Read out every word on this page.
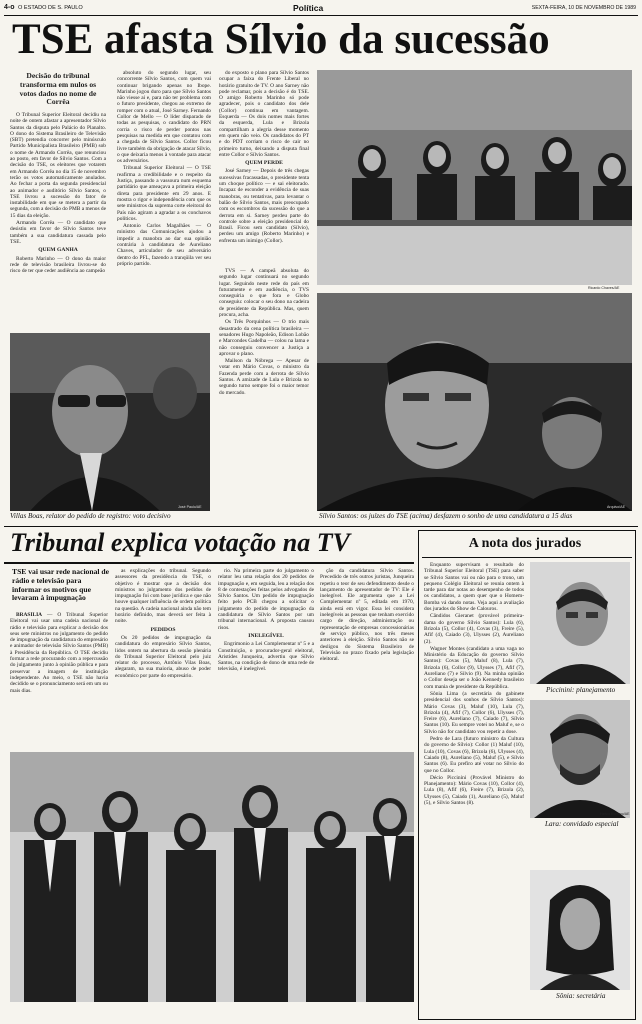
4-o O ESTADO DE S. PAULO	Política	SEXTA-FEIRA, 10 DE NOVEMBRO DE 1989
TSE afasta Sílvio da sucessão
Decisão do tribunal transforma em nulos os votos dados no nome de Corrêa

O Tribunal Superior Eleitoral decidiu na noite de ontem afastar a apresentador Sílvio Santos da disputa pelo Palácio do Planalto. O dono do Sistema Brasileiro de Televisão (SBT) pretendia concorrer pelo minúsculo Partido Municipalista Brasileiro (PMB) sob o nome de Armando Corrêa, que renunciou ao posto, em favor de Sílvio Santos. Com a decisão do TSE, os eleitores que votarem em Armando Corrêa no dia 15 de novembro terão os votos automaticamente anulados. Ao fechar a porta da segunda presidencial ao animador e auditório Sílvio Santos, o TSE livrou a sucessão do fator de instabilidade em que se metera a partir da segunda, com a decisão do PMB a menos de 15 dias da eleição.

Armando Corrêa — O candidato que desistiu em favor de Sílvio Santos teve também a sua candidatura cassada pelo TSE.

QUEM GANHA

Roberto Marinho — O dono da maior rede de televisão brasileira livrou-se do risco de ter que ceder audiência ao campeão

absoluto do segundo lugar, seu concorrente Sílvio Santos, com quem vai continuar brigando apenas no Ibope. Marinho jogou duro para que Sílvio Santos não viesse ai e, para não ter problema com o futuro presidente, chegou ao extremo de romper com o atual, José Sarney. Fernando Collor de Mello — O líder disparado de todas as pesquisas, o candidato do PRN corria o risco de perder pontos nas pesquisas na medida em que contatou com a chegada de Sílvio Santos. Collor ficou livre também da obrigação de atacar Sílvio, o que deixaria menos à vontade para atacar os adversários.

Tribunal Superior Eleitoral — O TSE reafirma a credibilidade e o respeito da Justiça, passando a vassoura num esquema partidário que ameaçava a primeira eleição direta para presidente em 29 anos. E mostra o rigor e independência com que os sete ministros da suprema corte eleitoral do País não agiram a agradar a os conchavos políticos.

Antonio Carlos Magalhães — O ministro das Comunicações ajudou a impedir a manobra ao dar sua opinião contrária à candidatura de Aureliano Chaves, articulador de seu adversário dentro do PFL, fazendo a tranqüila ver seu próprio partido.

do exposto o plano para Sílvio Santos ocupar a faixa do Frente Liberal no horário gratuito de TV. O ano Sarney não pode reclamar, pois a decisão é do TSE. O amigo Roberto Marinho só pode agradecer, pois o candidato dos dele (Collor) continua em vantagem. Esquerda — Os dois nomes mais fortes da esquerda, Lula e Brizola compartilham a alegria desse momento em quem não veio. Os candidatos do PT e do PDT corriam o risco de cair no primeiro turno, deixando a disputa final entre Collor e Sílvio Santos.

QUEM PERDE

José Sarney — Depois de três chegas sucessivas fracassadas, o presidente tenta um choque político — e sai eleitorado. Incapaz de esconder a evidência de suas manobras, ou tentativas, para levantar o balão de Sílvio Santos, mais preocupado com os escombros da sucessão do que a derrota em si. Sarney perdeu parte do controle sobre a eleição presidencial do Brasil. Ficou sem candidato (Sílvio), perdeu um amigo (Roberto Marinho) e enfrenta um inimigo (Collor).

TVS — A campeã absoluta do segundo lugar continuará no segundo lugar. Seguindo neste rede do país em futuramente e em audiência, o TVS conseguiria o que fora e Globo conseguiu: colocar o seu dono na cadeira de presidente da República. Mas, quem procura, acha.

Os Três Porquinhos — O trio mais desastrado da cena política brasileira — senadores Hugo Napoleão, Edison Lobão e Marcondes Gadelha — colou na lama e não conseguiu convencer a Justiça a aprovar o plano.

Mailson da Nóbrega — Apesar de votar em Mário Covas, o ministro da Fazenda perde com a derrota de Sílvio Santos. A amizade de Lula e Brizola no segundo turno sempre foi o maior temor do mercado.

José Paulo/AE
Villas Boas, relator do pedido de registro: voto decisivo
Ricardo Chaves/AE
Arquivo/AE
Sílvio Santos: os juízes do TSE (acima) desfazem o sonho de uma candidatura a 15 dias
Tribunal explica votação na TV
TSE vai usar rede nacional de rádio e televisão para informar os motivos que levaram à impugnação

BRASÍLIA — O Tribunal Superior Eleitoral vai usar uma cadeia nacional de rádio e televisão para explicar a decisão dos seus sete ministros no julgamento do pedido de impugnação da candidatura do empresário e animador de televisão Sílvio Santos (PMB) à Presidência da República. O TSE decidiu formar a rede procurando com a repercussão do julgamento junto à opinião pública e para preservar a imagem de instituição independente. Ao meio, o TSE não havia decidido se o pronunciamento será em um ou mais dias.

as explicações do tribunal. Segundo assessores da presidência do TSE, o objetivo é mostrar que a decisão dos ministros no julgamento dos pedidos de impugnação foi com base jurídica e que não houve qualquer influência de ordem política na questão. A cadeia nacional ainda não tem horário definido, mas deverá ser feita à noite.

PEDIDOS

Os 20 pedidos de impugnação da candidatura do empresário Sílvio Santos, lidos ontem na abertura da sessão plenária do Tribunal Superior Eleitoral pelo juiz relator do processo, Antônio Vilas Boas, alegaram, na sua maioria, abuso de poder econômico por parte do empresário.

rio. Na primeira parte do julgamento o relator leu uma relação dos 20 pedidos de impugnação e, em seguida, leu a relação dos 8 de contestações feitas pelos advogados de Sílvio Santos. Um pedido de impugnação feito pelo PCB chegou a solicitar o julgamento do pedido de impugnação da candidatura de Sílvio Santos por um tribunal internacional. A proposta causou risos.

INELEGÍVEL

Engrimonio a Lei Complementar nº 5 e a Constituição, o procurador-geral eleitoral, Aristides Junqueira, advertiu que Sílvio Santos, na condição de dono de uma rede de televisão, é inelegível.

ção da candidatura Sílvio Santos. Precedido de três outros juristas, Junqueira repetiu o teor de seu defendimento desde o lançamento do apresentador de TV: Ele é inelegível. Ele argumenta que a Lei Complementar nº 5, editada em 1970, ainda está em vigor. Essa lei considera inelegíveis as pessoas que tenham exercido cargo de direção, administração ou representação de empresas concessionárias de serviço público, nos três meses anteriores à eleição. Sílvio Santos não se desligou do Sistema Brasileiro de Televisão no prazo fixado pela legislação eleitoral.

A nota dos jurados

Enquanto supervisam o resultado do Tribunal Superior Eleitoral (TSE) para saber se Sílvio Santos vai ou não para o trono, um pequeno Colégio Eleitoral se reunia ontem à tarde para dar notas ao desempenho de todos os candidatos, a quem quer que o Homem-Bomba vá dando notas. Veja aqui a avaliação dos jurados do Show de Calouros.

Cândidos Gieranet (provável primeira-dama do governo Sílvio Santos): Lula (6), Brizola (5), Collor (4), Covas (3), Freire (5), Afif (4), Caiado (3), Ulysses (2), Aureliano (2).

Wagner Montes (candidato a uma vaga no Ministério da Educação do governo Sílvio Santos): Covas (5), Maluf (8), Lula (7), Brizola (6), Collor (9), Ulysses (7), Afif (7), Aureliano (7) e Silvio (9). Na minha opinião o Collor deseja ser o João Kennedy brasileiro com mania de presidente da República.

Sônia Lima (a secretária do gabinete presidencial dos sonhos de Sílvio Santos): Mário Covas (3), Maluf (10), Lula (7), Brizola (4), Afif (7), Collor (6), Ulysses (7), Freire (6), Aureliano (7), Caiado (7), Sílvio Santos (10). Eu sempre votei no Maluf e, se o Sílvio não for candidato vou repetir a dose.

Pedro de Lara (futuro ministro da Cultura do governo de Sílvio): Collor (1) Maluf (10), Lula (10), Covas (6), Brizola (6), Ulysses (4), Caiado (8), Aureliano (5), Maluf (5), e Sílvio Santos (6). Eu prefiro até votar no Sílvio do que no Collor.

Décio Piccinini (Provável Ministro do Planejamento): Mário Covas (10), Collor (4), Lula (8), Afif (6), Freire (7), Brizola (2), Ulysses (5), Caiado (1), Aureliano (5), Maluf (5), e Sílvio Santos (8).

Piccinini: planejamento
Hélvio Romero/AE
Lara: convidado especial
Sônia: secretária
